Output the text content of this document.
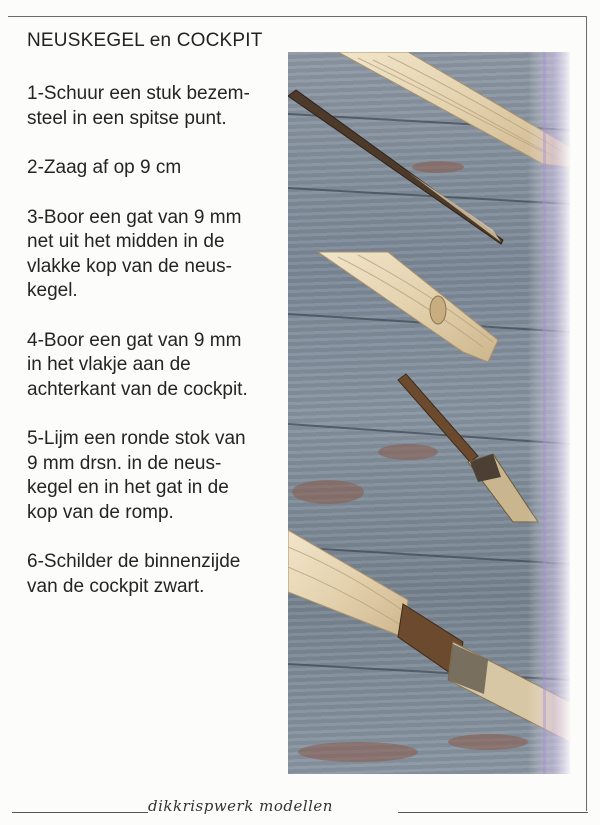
NEUSKEGEL en COCKPIT
1-Schuur een stuk bezem-
steel in een spitse punt.
2-Zaag af op 9 cm
3-Boor een gat van 9 mm
net uit het midden in de
vlakke kop van de neus-
kegel.
4-Boor een gat van 9 mm
in het vlakje aan de
achterkant van de cockpit.
5-Lijm een ronde stok van
9 mm drsn. in de neus-
kegel en in het gat in de
kop van de romp.
6-Schilder de binnenzijde
van de cockpit zwart.
dikkrispwerk modellen
